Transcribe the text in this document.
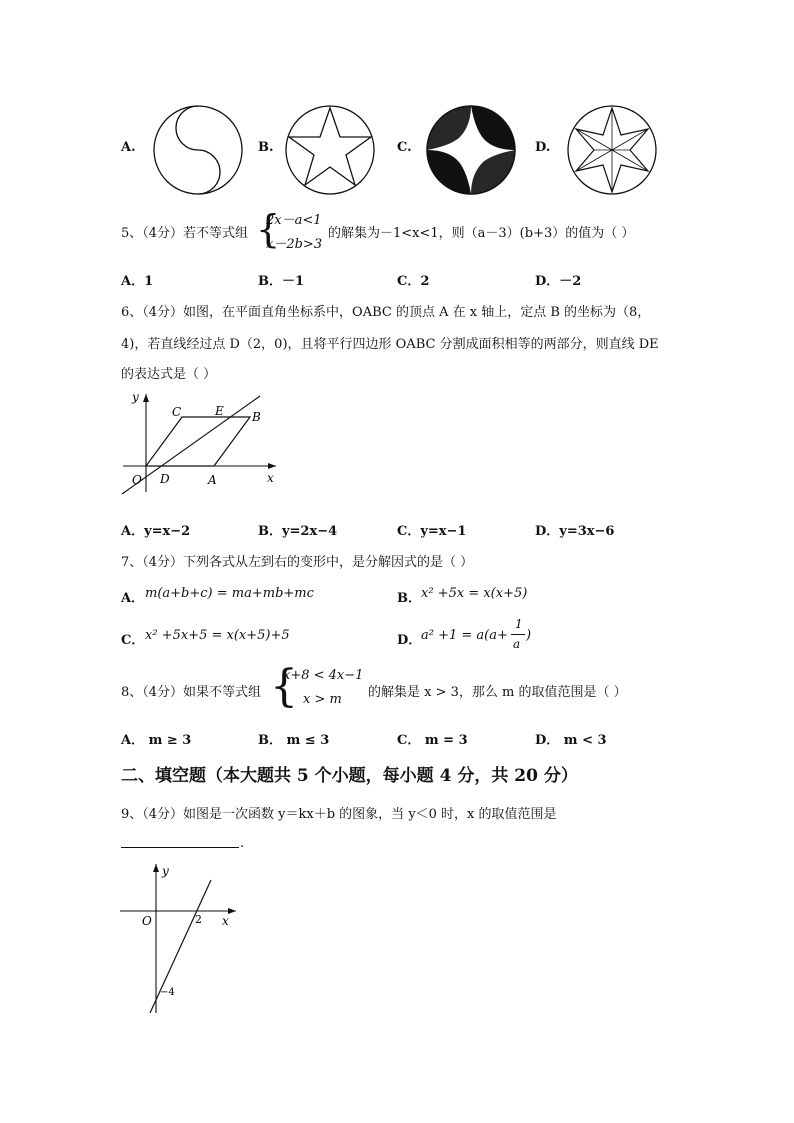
A.	B.	C.	D.
5、（4分）若不等式组 {
2x－a<1
x－2b>3
的解集为－1<x<1，则（a－3）(b+3）的值为（ ）
A．1	B．－1	C．2	D．－2
6、（4分）如图，在平面直角坐标系中，OABC 的顶点 A 在 x 轴上，定点 B 的坐标为（8，
4)，若直线经过点 D（2，0)，且将平行四边形 OABC 分割成面积相等的两部分，则直线 DE
的表达式是（ ）
y
x
C	E B
O D	A
A．y=x−2	B．y=2x−4	C．y=x−1	D．y=3x−6
7、（4分）下列各式从左到右的变形中，是分解因式的是（ ）
A． m(a+b+c) = ma+mb+mc	B． x² +5x = x(x+5)
C． x² +5x+5 = x(x+5)+5	D． a² +1 = a(a+
1
a
)
8、（4分）如果不等式组 {
x+8 < 4x−1
x > m 的解集是 x > 3，那么 m 的取值范围是（ ）
A． m ≥ 3	B． m ≤ 3	C． m = 3	D． m < 3
二、填空题（本大题共 5 个小题，每小题 4 分，共 20 分）
9、（4分）如图是一次函数 y＝kx＋b 的图象，当 y＜0 时，x 的取值范围是
.
y
x
O	2
−4
